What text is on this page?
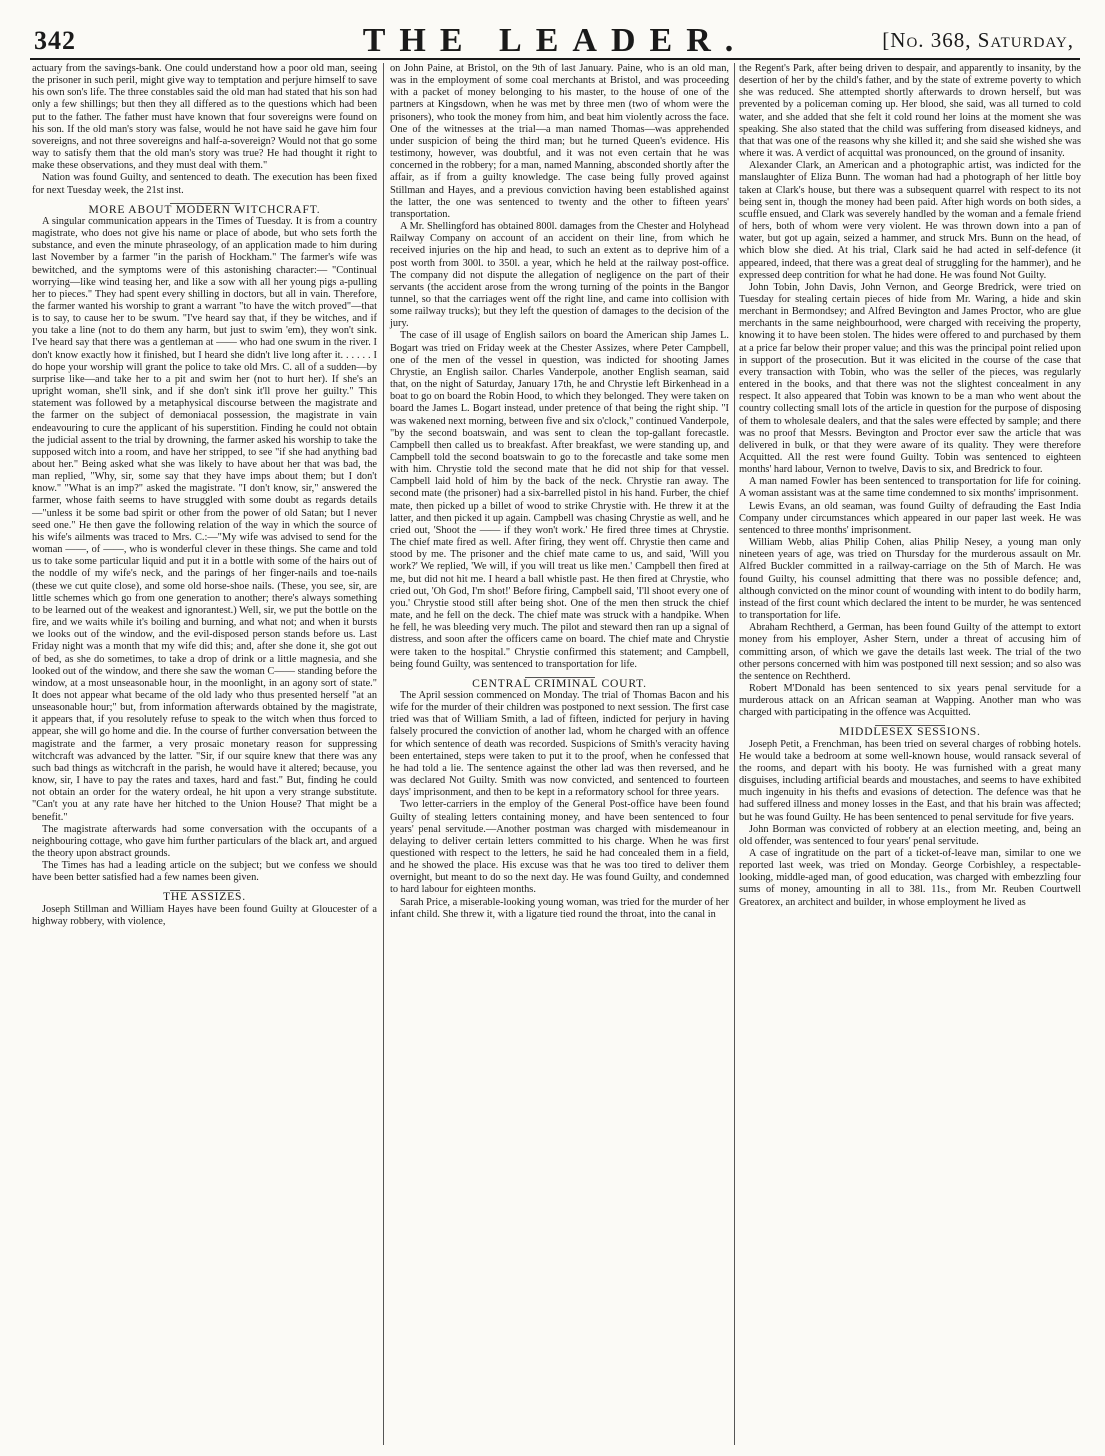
342	THE LEADER.	[No. 368, Saturday,

actuary from the savings-bank. One could understand how a poor old man, seeing the prisoner in such peril, might give way to temptation and perjure himself to save his own son's life. The three constables said the old man had stated that his son had only a few shillings; but then they all differed as to the questions which had been put to the father. The father must have known that four sovereigns were found on his son. If the old man's story was false, would he not have said he gave him four sovereigns, and not three sovereigns and half-a-sovereign? Would not that go some way to satisfy them that the old man's story was true? He had thought it right to make these observations, and they must deal with them."

Nation was found Guilty, and sentenced to death. The execution has been fixed for next Tuesday week, the 21st inst.

MORE ABOUT MODERN WITCHCRAFT.

A singular communication appears in the Times of Tuesday. It is from a country magistrate, who does not give his name or place of abode, but who sets forth the substance, and even the minute phraseology, of an application made to him during last November by a farmer "in the parish of Hockham." The farmer's wife was bewitched, and the symptoms were of this astonishing character:— "Continual worrying—like wind teasing her, and like a sow with all her young pigs a-pulling her to pieces." They had spent every shilling in doctors, but all in vain. Therefore, the farmer wanted his worship to grant a warrant "to have the witch proved"—that is to say, to cause her to be swum. "I've heard say that, if they be witches, and if you take a line (not to do them any harm, but just to swim 'em), they won't sink. I've heard say that there was a gentleman at —— who had one swum in the river. I don't know exactly how it finished, but I heard she didn't live long after it. . . . . . I do hope your worship will grant the police to take old Mrs. C. all of a sudden—by surprise like—and take her to a pit and swim her (not to hurt her). If she's an upright woman, she'll sink, and if she don't sink it'll prove her guilty." This statement was followed by a metaphysical discourse between the magistrate and the farmer on the subject of demoniacal possession, the magistrate in vain endeavouring to cure the applicant of his superstition. Finding he could not obtain the judicial assent to the trial by drowning, the farmer asked his worship to take the supposed witch into a room, and have her stripped, to see "if she had anything bad about her." Being asked what she was likely to have about her that was bad, the man replied, "Why, sir, some say that they have imps about them; but I don't know." "What is an imp?" asked the magistrate. "I don't know, sir," answered the farmer, whose faith seems to have struggled with some doubt as regards details—"unless it be some bad spirit or other from the power of old Satan; but I never seed one." He then gave the following relation of the way in which the source of his wife's ailments was traced to Mrs. C.:—"My wife was advised to send for the woman ——, of ——, who is wonderful clever in these things. She came and told us to take some particular liquid and put it in a bottle with some of the hairs out of the noddle of my wife's neck, and the parings of her finger-nails and toe-nails (these we cut quite close), and some old horse-shoe nails. (These, you see, sir, are little schemes which go from one generation to another; there's always something to be learned out of the weakest and ignorantest.) Well, sir, we put the bottle on the fire, and we waits while it's boiling and burning, and what not; and when it bursts we looks out of the window, and the evil-disposed person stands before us. Last Friday night was a month that my wife did this; and, after she done it, she got out of bed, as she do sometimes, to take a drop of drink or a little magnesia, and she looked out of the window, and there she saw the woman C—— standing before the window, at a most unseasonable hour, in the moonlight, in an agony sort of state." It does not appear what became of the old lady who thus presented herself "at an unseasonable hour;" but, from information afterwards obtained by the magistrate, it appears that, if you resolutely refuse to speak to the witch when thus forced to appear, she will go home and die. In the course of further conversation between the magistrate and the farmer, a very prosaic monetary reason for suppressing witchcraft was advanced by the latter. "Sir, if our squire knew that there was any such bad things as witchcraft in the parish, he would have it altered; because, you know, sir, I have to pay the rates and taxes, hard and fast." But, finding he could not obtain an order for the watery ordeal, he hit upon a very strange substitute. "Can't you at any rate have her hitched to the Union House? That might be a benefit."

The magistrate afterwards had some conversation with the occupants of a neighbouring cottage, who gave him further particulars of the black art, and argued the theory upon abstract grounds.

The Times has had a leading article on the subject; but we confess we should have been better satisfied had a few names been given.

THE ASSIZES.

Joseph Stillman and William Hayes have been found Guilty at Gloucester of a highway robbery, with violence,

on John Paine, at Bristol, on the 9th of last January. Paine, who is an old man, was in the employment of some coal merchants at Bristol, and was proceeding with a packet of money belonging to his master, to the house of one of the partners at Kingsdown, when he was met by three men (two of whom were the prisoners), who took the money from him, and beat him violently across the face. One of the witnesses at the trial—a man named Thomas—was apprehended under suspicion of being the third man; but he turned Queen's evidence. His testimony, however, was doubtful, and it was not even certain that he was concerned in the robbery; for a man, named Manning, absconded shortly after the affair, as if from a guilty knowledge. The case being fully proved against Stillman and Hayes, and a previous conviction having been established against the latter, the one was sentenced to twenty and the other to fifteen years' transportation.

A Mr. Shellingford has obtained 800l. damages from the Chester and Holyhead Railway Company on account of an accident on their line, from which he received injuries on the hip and head, to such an extent as to deprive him of a post worth from 300l. to 350l. a year, which he held at the railway post-office. The company did not dispute the allegation of negligence on the part of their servants (the accident arose from the wrong turning of the points in the Bangor tunnel, so that the carriages went off the right line, and came into collision with some railway trucks); but they left the question of damages to the decision of the jury.

The case of ill usage of English sailors on board the American ship James L. Bogart was tried on Friday week at the Chester Assizes, where Peter Campbell, one of the men of the vessel in question, was indicted for shooting James Chrystie, an English sailor. Charles Vanderpole, another English seaman, said that, on the night of Saturday, January 17th, he and Chrystie left Birkenhead in a boat to go on board the Robin Hood, to which they belonged. They were taken on board the James L. Bogart instead, under pretence of that being the right ship. "I was wakened next morning, between five and six o'clock," continued Vanderpole, "by the second boatswain, and was sent to clean the top-gallant forecastle. Campbell then called us to breakfast. After breakfast, we were standing up, and Campbell told the second boatswain to go to the forecastle and take some men with him. Chrystie told the second mate that he did not ship for that vessel. Campbell laid hold of him by the back of the neck. Chrystie ran away. The second mate (the prisoner) had a six-barrelled pistol in his hand. Furber, the chief mate, then picked up a billet of wood to strike Chrystie with. He threw it at the latter, and then picked it up again. Campbell was chasing Chrystie as well, and he cried out, 'Shoot the —— if they won't work.' He fired three times at Chrystie. The chief mate fired as well. After firing, they went off. Chrystie then came and stood by me. The prisoner and the chief mate came to us, and said, 'Will you work?' We replied, 'We will, if you will treat us like men.' Campbell then fired at me, but did not hit me. I heard a ball whistle past. He then fired at Chrystie, who cried out, 'Oh God, I'm shot!' Before firing, Campbell said, 'I'll shoot every one of you.' Chrystie stood still after being shot. One of the men then struck the chief mate, and he fell on the deck. The chief mate was struck with a handpike. When he fell, he was bleeding very much. The pilot and steward then ran up a signal of distress, and soon after the officers came on board. The chief mate and Chrystie were taken to the hospital." Chrystie confirmed this statement; and Campbell, being found Guilty, was sentenced to transportation for life.

CENTRAL CRIMINAL COURT.

The April session commenced on Monday. The trial of Thomas Bacon and his wife for the murder of their children was postponed to next session. The first case tried was that of William Smith, a lad of fifteen, indicted for perjury in having falsely procured the conviction of another lad, whom he charged with an offence for which sentence of death was recorded. Suspicions of Smith's veracity having been entertained, steps were taken to put it to the proof, when he confessed that he had told a lie. The sentence against the other lad was then reversed, and he was declared Not Guilty. Smith was now convicted, and sentenced to fourteen days' imprisonment, and then to be kept in a reformatory school for three years.

Two letter-carriers in the employ of the General Post-office have been found Guilty of stealing letters containing money, and have been sentenced to four years' penal servitude.—Another postman was charged with misdemeanour in delaying to deliver certain letters committed to his charge. When he was first questioned with respect to the letters, he said he had concealed them in a field, and he showed the place. His excuse was that he was too tired to deliver them overnight, but meant to do so the next day. He was found Guilty, and condemned to hard labour for eighteen months.

Sarah Price, a miserable-looking young woman, was tried for the murder of her infant child. She threw it, with a ligature tied round the throat, into the canal in

the Regent's Park, after being driven to despair, and apparently to insanity, by the desertion of her by the child's father, and by the state of extreme poverty to which she was reduced. She attempted shortly afterwards to drown herself, but was prevented by a policeman coming up. Her blood, she said, was all turned to cold water, and she added that she felt it cold round her loins at the moment she was speaking. She also stated that the child was suffering from diseased kidneys, and that that was one of the reasons why she killed it; and she said she wished she was where it was. A verdict of acquittal was pronounced, on the ground of insanity.

Alexander Clark, an American and a photographic artist, was indicted for the manslaughter of Eliza Bunn. The woman had had a photograph of her little boy taken at Clark's house, but there was a subsequent quarrel with respect to its not being sent in, though the money had been paid. After high words on both sides, a scuffle ensued, and Clark was severely handled by the woman and a female friend of hers, both of whom were very violent. He was thrown down into a pan of water, but got up again, seized a hammer, and struck Mrs. Bunn on the head, of which blow she died. At his trial, Clark said he had acted in self-defence (it appeared, indeed, that there was a great deal of struggling for the hammer), and he expressed deep contrition for what he had done. He was found Not Guilty.

John Tobin, John Davis, John Vernon, and George Bredrick, were tried on Tuesday for stealing certain pieces of hide from Mr. Waring, a hide and skin merchant in Bermondsey; and Alfred Bevington and James Proctor, who are glue merchants in the same neighbourhood, were charged with receiving the property, knowing it to have been stolen. The hides were offered to and purchased by them at a price far below their proper value; and this was the principal point relied upon in support of the prosecution. But it was elicited in the course of the case that every transaction with Tobin, who was the seller of the pieces, was regularly entered in the books, and that there was not the slightest concealment in any respect. It also appeared that Tobin was known to be a man who went about the country collecting small lots of the article in question for the purpose of disposing of them to wholesale dealers, and that the sales were effected by sample; and there was no proof that Messrs. Bevington and Proctor ever saw the article that was delivered in bulk, or that they were aware of its quality. They were therefore Acquitted. All the rest were found Guilty. Tobin was sentenced to eighteen months' hard labour, Vernon to twelve, Davis to six, and Bredrick to four.

A man named Fowler has been sentenced to transportation for life for coining. A woman assistant was at the same time condemned to six months' imprisonment.

Lewis Evans, an old seaman, was found Guilty of defrauding the East India Company under circumstances which appeared in our paper last week. He was sentenced to three months' imprisonment.

William Webb, alias Philip Cohen, alias Philip Nesey, a young man only nineteen years of age, was tried on Thursday for the murderous assault on Mr. Alfred Buckler committed in a railway-carriage on the 5th of March. He was found Guilty, his counsel admitting that there was no possible defence; and, although convicted on the minor count of wounding with intent to do bodily harm, instead of the first count which declared the intent to be murder, he was sentenced to transportation for life.

Abraham Rechtherd, a German, has been found Guilty of the attempt to extort money from his employer, Asher Stern, under a threat of accusing him of committing arson, of which we gave the details last week. The trial of the two other persons concerned with him was postponed till next session; and so also was the sentence on Rechtherd.

Robert M'Donald has been sentenced to six years penal servitude for a murderous attack on an African seaman at Wapping. Another man who was charged with participating in the offence was Acquitted.

MIDDLESEX SESSIONS.

Joseph Petit, a Frenchman, has been tried on several charges of robbing hotels. He would take a bedroom at some well-known house, would ransack several of the rooms, and depart with his booty. He was furnished with a great many disguises, including artificial beards and moustaches, and seems to have exhibited much ingenuity in his thefts and evasions of detection. The defence was that he had suffered illness and money losses in the East, and that his brain was affected; but he was found Guilty. He has been sentenced to penal servitude for five years.

John Borman was convicted of robbery at an election meeting, and, being an old offender, was sentenced to four years' penal servitude.

A case of ingratitude on the part of a ticket-of-leave man, similar to one we reported last week, was tried on Monday. George Corbishley, a respectable-looking, middle-aged man, of good education, was charged with embezzling four sums of money, amounting in all to 38l. 11s., from Mr. Reuben Courtwell Greatorex, an architect and builder, in whose employment he lived as
